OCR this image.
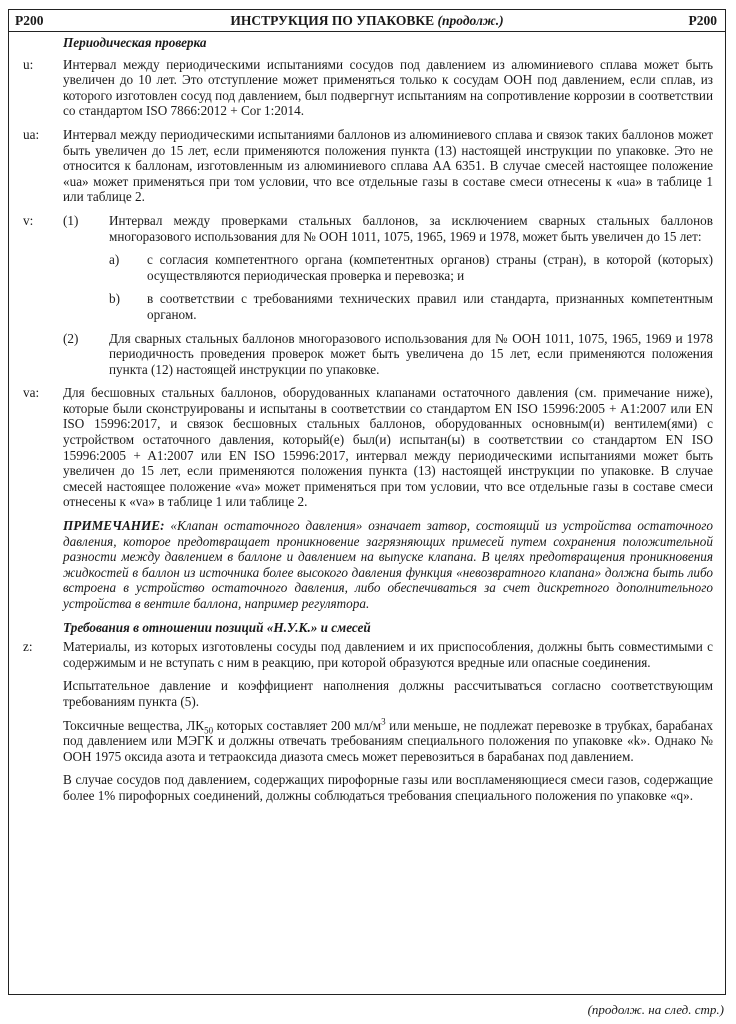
P200	ИНСТРУКЦИЯ ПО УПАКОВКЕ (продолж.)	P200
Периодическая проверка
u:	Интервал между периодическими испытаниями сосудов под давлением из алюминиевого сплава может быть увеличен до 10 лет. Это отступление может применяться только к сосудам ООН под давлением, если сплав, из которого изготовлен сосуд под давлением, был подвергнут испытаниям на сопротивление коррозии в соответствии со стандартом ISO 7866:2012 + Cor 1:2014.
ua:	Интервал между периодическими испытаниями баллонов из алюминиевого сплава и связок таких баллонов может быть увеличен до 15 лет, если применяются положения пункта (13) настоящей инструкции по упаковке. Это не относится к баллонам, изготовленным из алюминиевого сплава AA 6351. В случае смесей настоящее положение «ua» может применяться при том условии, что все отдельные газы в составе смеси отнесены к «ua» в таблице 1 или таблице 2.
v:	(1)	Интервал между проверками стальных баллонов, за исключением сварных стальных баллонов многоразового использования для № ООН 1011, 1075, 1965, 1969 и 1978, может быть увеличен до 15 лет:
a)	с согласия компетентного органа (компетентных органов) страны (стран), в которой (которых) осуществляются периодическая проверка и перевозка; и
b)	в соответствии с требованиями технических правил или стандарта, признанных компетентным органом.
(2)	Для сварных стальных баллонов многоразового использования для № ООН 1011, 1075, 1965, 1969 и 1978 периодичность проведения проверок может быть увеличена до 15 лет, если применяются положения пункта (12) настоящей инструкции по упаковке.
va:	Для бесшовных стальных баллонов, оборудованных клапанами остаточного давления (см. примечание ниже), которые были сконструированы и испытаны в соответствии со стандартом EN ISO 15996:2005 + A1:2007 или EN ISO 15996:2017, и связок бесшовных стальных баллонов, оборудованных основным(и) вентилем(ями) с устройством остаточного давления, который(е) был(и) испытан(ы) в соответствии со стандартом EN ISO 15996:2005 + A1:2007 или EN ISO 15996:2017, интервал между периодическими испытаниями может быть увеличен до 15 лет, если применяются положения пункта (13) настоящей инструкции по упаковке. В случае смесей настоящее положение «va» может применяться при том условии, что все отдельные газы в составе смеси отнесены к «va» в таблице 1 или таблице 2.
ПРИМЕЧАНИЕ: «Клапан остаточного давления» означает затвор, состоящий из устройства остаточного давления, которое предотвращает проникновение загрязняющих примесей путем сохранения положительной разности между давлением в баллоне и давлением на выпуске клапана. В целях предотвращения проникновения жидкостей в баллон из источника более высокого давления функция «невозвратного клапана» должна быть либо встроена в устройство остаточного давления, либо обеспечиваться за счет дискретного дополнительного устройства в вентиле баллона, например регулятора.
Требования в отношении позиций «Н.У.К.» и смесей
z:	Материалы, из которых изготовлены сосуды под давлением и их приспособления, должны быть совместимыми с содержимым и не вступать с ним в реакцию, при которой образуются вредные или опасные соединения.
Испытательное давление и коэффициент наполнения должны рассчитываться согласно соответствующим требованиям пункта (5).
Токсичные вещества, $ЛК_{50}$ которых составляет 200 $мл/м^3$ или меньше, не подлежат перевозке в трубках, барабанах под давлением или МЭГК и должны отвечать требованиям специального положения по упаковке «k». Однако № ООН 1975 оксида азота и тетраоксида диазота смесь может перевозиться в барабанах под давлением.
В случае сосудов под давлением, содержащих пирофорные газы или воспламеняющиеся смеси газов, содержащие более 1% пирофорных соединений, должны соблюдаться требования специального положения по упаковке «q».
(продолж. на след. стр.)
